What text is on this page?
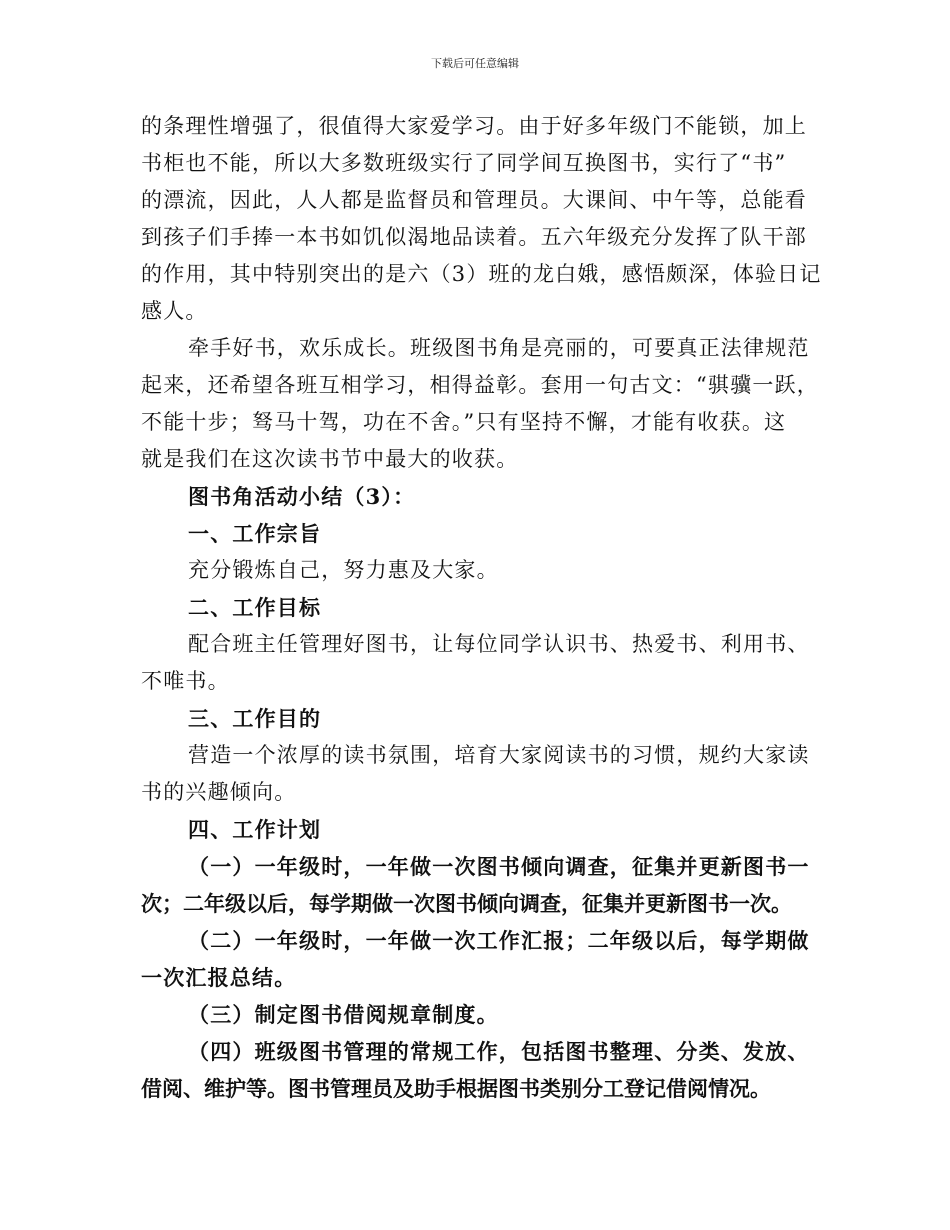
下载后可任意编辑
的条理性增强了，很值得大家爱学习。由于好多年级门不能锁，加上
书柜也不能，所以大多数班级实行了同学间互换图书，实行了“书”
的漂流，因此，人人都是监督员和管理员。大课间、中午等，总能看
到孩子们手捧一本书如饥似渴地品读着。五六年级充分发挥了队干部
的作用，其中特别突出的是六（3）班的龙白娥，感悟颇深，体验日记
感人。
牵手好书，欢乐成长。班级图书角是亮丽的，可要真正法律规范
起来，还希望各班互相学习，相得益彰。套用一句古文：“骐骥一跃，
不能十步；驽马十驾，功在不舍。”只有坚持不懈，才能有收获。这
就是我们在这次读书节中最大的收获。
图书角活动小结（3）：
一、工作宗旨
充分锻炼自己，努力惠及大家。
二、工作目标
配合班主任管理好图书，让每位同学认识书、热爱书、利用书、
不唯书。
三、工作目的
营造一个浓厚的读书氛围，培育大家阅读书的习惯，规约大家读
书的兴趣倾向。
四、工作计划
（一）一年级时，一年做一次图书倾向调查，征集并更新图书一
次；二年级以后，每学期做一次图书倾向调查，征集并更新图书一次。
（二）一年级时，一年做一次工作汇报；二年级以后，每学期做
一次汇报总结。
（三）制定图书借阅规章制度。
（四）班级图书管理的常规工作，包括图书整理、分类、发放、
借阅、维护等。图书管理员及助手根据图书类别分工登记借阅情况。
